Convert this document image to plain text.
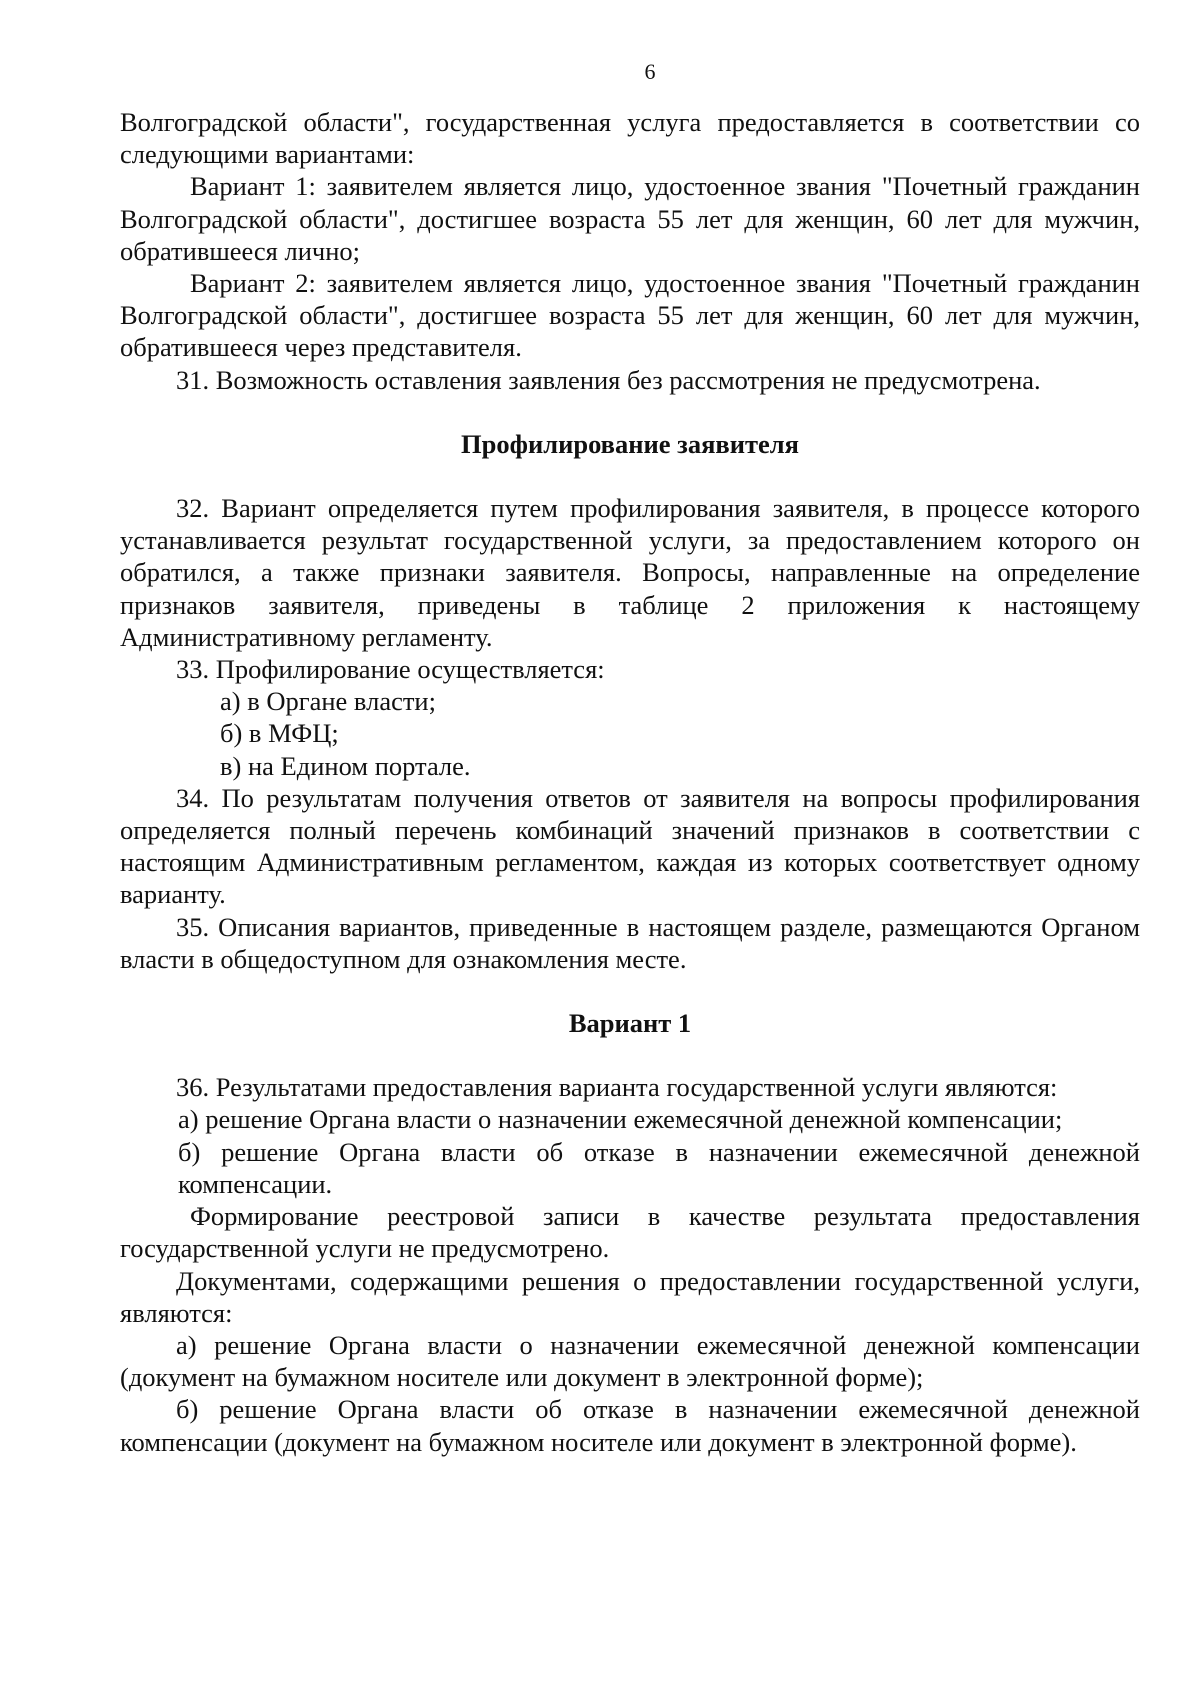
6

Волгоградской области", государственная услуга предоставляется в соответствии со следующими вариантами:

Вариант 1: заявителем является лицо, удостоенное звания "Почетный гражданин Волгоградской области", достигшее возраста 55 лет для женщин, 60 лет для мужчин, обратившееся лично;

Вариант 2: заявителем является лицо, удостоенное звания "Почетный гражданин Волгоградской области", достигшее возраста 55 лет для женщин, 60 лет для мужчин, обратившееся через представителя.

31. Возможность оставления заявления без рассмотрения не предусмотрена.

Профилирование заявителя

32. Вариант определяется путем профилирования заявителя, в процессе которого устанавливается результат государственной услуги, за предоставлением которого он обратился, а также признаки заявителя. Вопросы, направленные на определение признаков заявителя, приведены в таблице 2 приложения к настоящему Административному регламенту.

33. Профилирование осуществляется:

а) в Органе власти;

б) в МФЦ;

в) на Едином портале.

34. По результатам получения ответов от заявителя на вопросы профилирования определяется полный перечень комбинаций значений признаков в соответствии с настоящим Административным регламентом, каждая из которых соответствует одному варианту.

35. Описания вариантов, приведенные в настоящем разделе, размещаются Органом власти в общедоступном для ознакомления месте.

Вариант 1

36. Результатами предоставления варианта государственной услуги являются:

а) решение Органа власти о назначении ежемесячной денежной компенсации;

б) решение Органа власти об отказе в назначении ежемесячной денежной компенсации.

Формирование реестровой записи в качестве результата предоставления государственной услуги не предусмотрено.

Документами, содержащими решения о предоставлении государственной услуги, являются:

а) решение Органа власти о назначении ежемесячной денежной компенсации (документ на бумажном носителе или документ в электронной форме);

б) решение Органа власти об отказе в назначении ежемесячной денежной компенсации (документ на бумажном носителе или документ в электронной форме).
